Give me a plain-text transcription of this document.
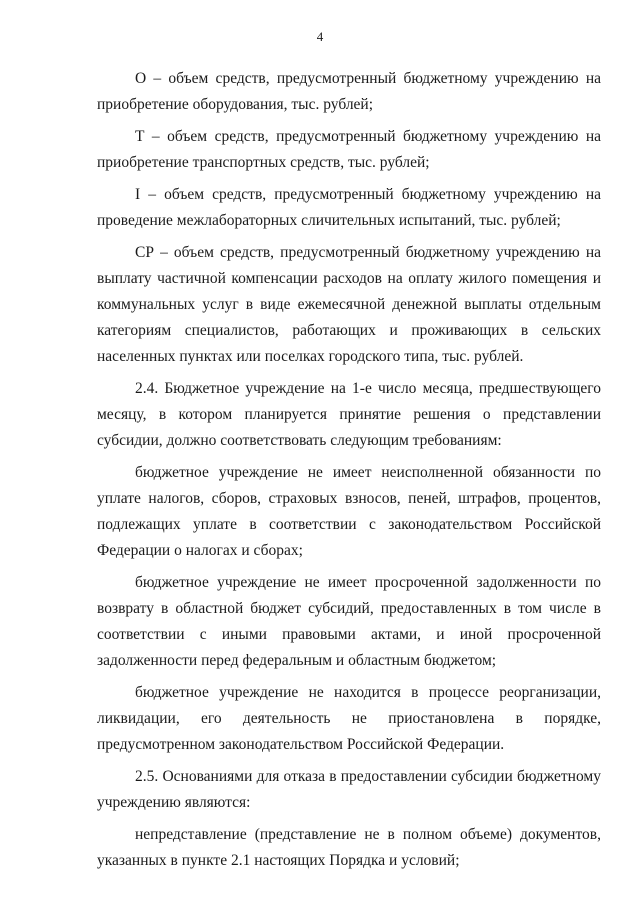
4

О – объем средств, предусмотренный бюджетному учреждению на приобретение оборудования, тыс. рублей;

Т – объем средств, предусмотренный бюджетному учреждению на приобретение транспортных средств, тыс. рублей;

I – объем средств, предусмотренный бюджетному учреждению на проведение межлабораторных сличительных испытаний, тыс. рублей;

СР – объем средств, предусмотренный бюджетному учреждению на выплату частичной компенсации расходов на оплату жилого помещения и коммунальных услуг в виде ежемесячной денежной выплаты отдельным категориям специалистов, работающих и проживающих в сельских населенных пунктах или поселках городского типа, тыс. рублей.

2.4. Бюджетное учреждение на 1-е число месяца, предшествующего месяцу, в котором планируется принятие решения о представлении субсидии, должно соответствовать следующим требованиям:

бюджетное учреждение не имеет неисполненной обязанности по уплате налогов, сборов, страховых взносов, пеней, штрафов, процентов, подлежащих уплате в соответствии с законодательством Российской Федерации о налогах и сборах;

бюджетное учреждение не имеет просроченной задолженности по возврату в областной бюджет субсидий, предоставленных в том числе в соответствии с иными правовыми актами, и иной просроченной задолженности перед федеральным и областным бюджетом;

бюджетное учреждение не находится в процессе реорганизации, ликвидации, его деятельность не приостановлена в порядке, предусмотренном законодательством Российской Федерации.

2.5. Основаниями для отказа в предоставлении субсидии бюджетному учреждению являются:

непредставление (представление не в полном объеме) документов, указанных в пункте 2.1 настоящих Порядка и условий;
